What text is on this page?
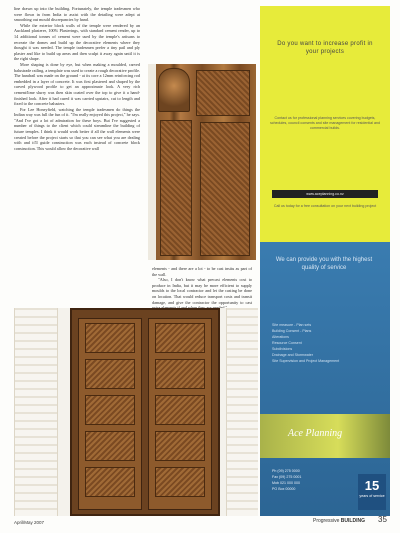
line drawn up into the building. Fortunately, the temple tradesmen who were flown in from India to assist with the detailing were adept at smoothing out mould discrepancies by hand.

While the exterior block walls of the temple were rendered by an Auckland plasterer, 100% Plasterings, with standard cement render, up to 14 additional tonnes of cement were used by the temple's artisans to recreate the domes and build up the decorative elements where they thought it was needed. The temple tradesmen prefer a tiny pail and ply plaster and like to build up areas and then sculpt it away again until it is the right shape.

More shaping is done by eye, but when making a moulded, carved balustrade railing, a template was used to create a rough decorative profile. The handrail was made on the ground - at its core a 12mm reinforcing rod embedded in a layer of concrete. It was first plastered and shaped by the carved plywood profile to get an approximate look. A very rich cement/lime slurry was then skin coated over the top to give it a hand-finished look. After it had cured it was carried upstairs, cut to length and fixed to the concrete balusters.

For Lee Honeyfield, watching the temple tradesmen do things the Indian way was full the fun of it. "I'm really enjoyed this project," he says. "And I've got a lot of admiration for these boys. But I've suggested a number of things to the client which could streamline the building of future temples. I think it would work better if all the wall elements were created before the project starts so that you can see what you are dealing with and it'll guide construction was each instead of concrete block construction. This would allow the decorative wall

elements - and there are a lot - to be cast insitu as part of the wall.

"Also, I don't know what precast elements cost to produce in India, but it may be more efficient to supply moulds to the local contractor and let the casting be done on location. That would reduce transport costs and transit damage, and give the contractor the opportunity to cast

Do you want to increase profit in your projects
Contact us for professional planning services covering budgets, schedules, council consents and site management for residential and commercial builds.
www.aceplanning.co.nz
Call us today for a free consultation on your next building project
We can provide you with the highest quality of service
Site measure - Plan sets
Building Consent - Plans
Alterations
Resource Consent
Subdivisions
Drainage and Stormwater
Site Supervision and Project Management
Ace Planning
Ph (09) 275 0000
Fax (09) 275 0001
Mob 021 000 000
PO Box 00000	15
years of service
April/May 2007	Progressive BUILDING 35
